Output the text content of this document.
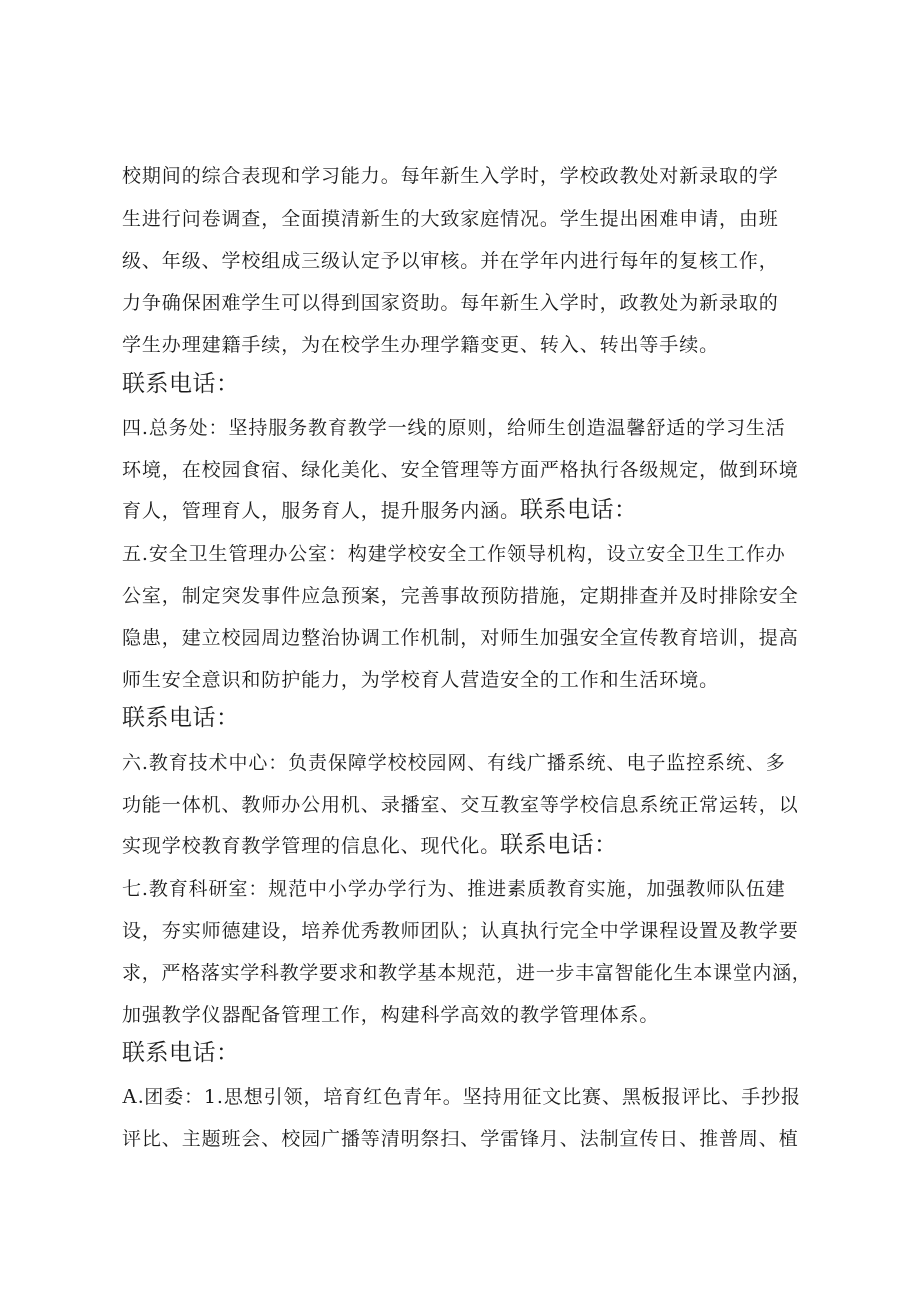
校期间的综合表现和学习能力。每年新生入学时，学校政教处对新录取的学
生进行问卷调查，全面摸清新生的大致家庭情况。学生提出困难申请，由班
级、年级、学校组成三级认定予以审核。并在学年内进行每年的复核工作，
力争确保困难学生可以得到国家资助。每年新生入学时，政教处为新录取的
学生办理建籍手续，为在校学生办理学籍变更、转入、转出等手续。
联系电话：
四.总务处：坚持服务教育教学一线的原则，给师生创造温馨舒适的学习生活
环境，在校园食宿、绿化美化、安全管理等方面严格执行各级规定，做到环境
育人，管理育人，服务育人，提升服务内涵。联系电话：
五.安全卫生管理办公室：构建学校安全工作领导机构，设立安全卫生工作办
公室，制定突发事件应急预案，完善事故预防措施，定期排查并及时排除安全
隐患，建立校园周边整治协调工作机制，对师生加强安全宣传教育培训，提高
师生安全意识和防护能力，为学校育人营造安全的工作和生活环境。
联系电话：
六.教育技术中心：负责保障学校校园网、有线广播系统、电子监控系统、多
功能一体机、教师办公用机、录播室、交互教室等学校信息系统正常运转，以
实现学校教育教学管理的信息化、现代化。联系电话：
七.教育科研室：规范中小学办学行为、推进素质教育实施，加强教师队伍建
设，夯实师德建设，培养优秀教师团队；认真执行完全中学课程设置及教学要
求，严格落实学科教学要求和教学基本规范，进一步丰富智能化生本课堂内涵，
加强教学仪器配备管理工作，构建科学高效的教学管理体系。
联系电话：
A.团委：1.思想引领，培育红色青年。坚持用征文比赛、黑板报评比、手抄报
评比、主题班会、校园广播等清明祭扫、学雷锋月、法制宣传日、推普周、植
